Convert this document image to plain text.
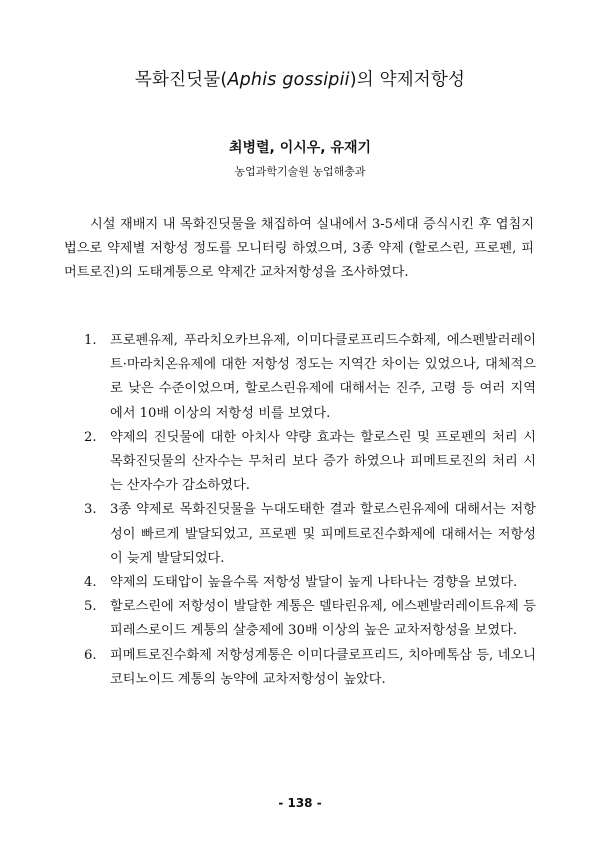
목화진딧물(Aphis gossipii)의 약제저항성
최병렬, 이시우, 유재기
농업과학기술원 농업해충과

시설 재배지 내 목화진딧물을 채집하여 실내에서 3-5세대 증식시킨 후 엽침지법으로 약제별 저항성 정도를 모니터링 하였으며, 3종 약제 (할로스린, 프로펜, 피머트로진)의 도태계통으로 약제간 교차저항성을 조사하였다.

1. 프로펜유제, 푸라치오카브유제, 이미다클로프리드수화제, 에스펜발러레이트·마라치온유제에 대한 저항성 정도는 지역간 차이는 있었으나, 대체적으로 낮은 수준이었으며, 할로스린유제에 대해서는 진주, 고령 등 여러 지역에서 10배 이상의 저항성 비를 보였다.
2. 약제의 진딧물에 대한 아치사 약량 효과는 할로스린 및 프로펜의 처리 시 목화진딧물의 산자수는 무처리 보다 증가 하였으나 피메트로진의 처리 시는 산자수가 감소하였다.
3. 3종 약제로 목화진딧물을 누대도태한 결과 할로스린유제에 대해서는 저항성이 빠르게 발달되었고, 프로펜 및 피메트로진수화제에 대해서는 저항성이 늦게 발달되었다.
4. 약제의 도태압이 높을수록 저항성 발달이 높게 나타나는 경향을 보였다.
5. 할로스린에 저항성이 발달한 계통은 델타린유제, 에스펜발러레이트유제 등 피레스로이드 계통의 살충제에 30배 이상의 높은 교차저항성을 보였다.
6. 피메트로진수화제 저항성계통은 이미다클로프리드, 치아메톡삼 등, 네오니코티노이드 계통의 농약에 교차저항성이 높았다.
- 138 -
